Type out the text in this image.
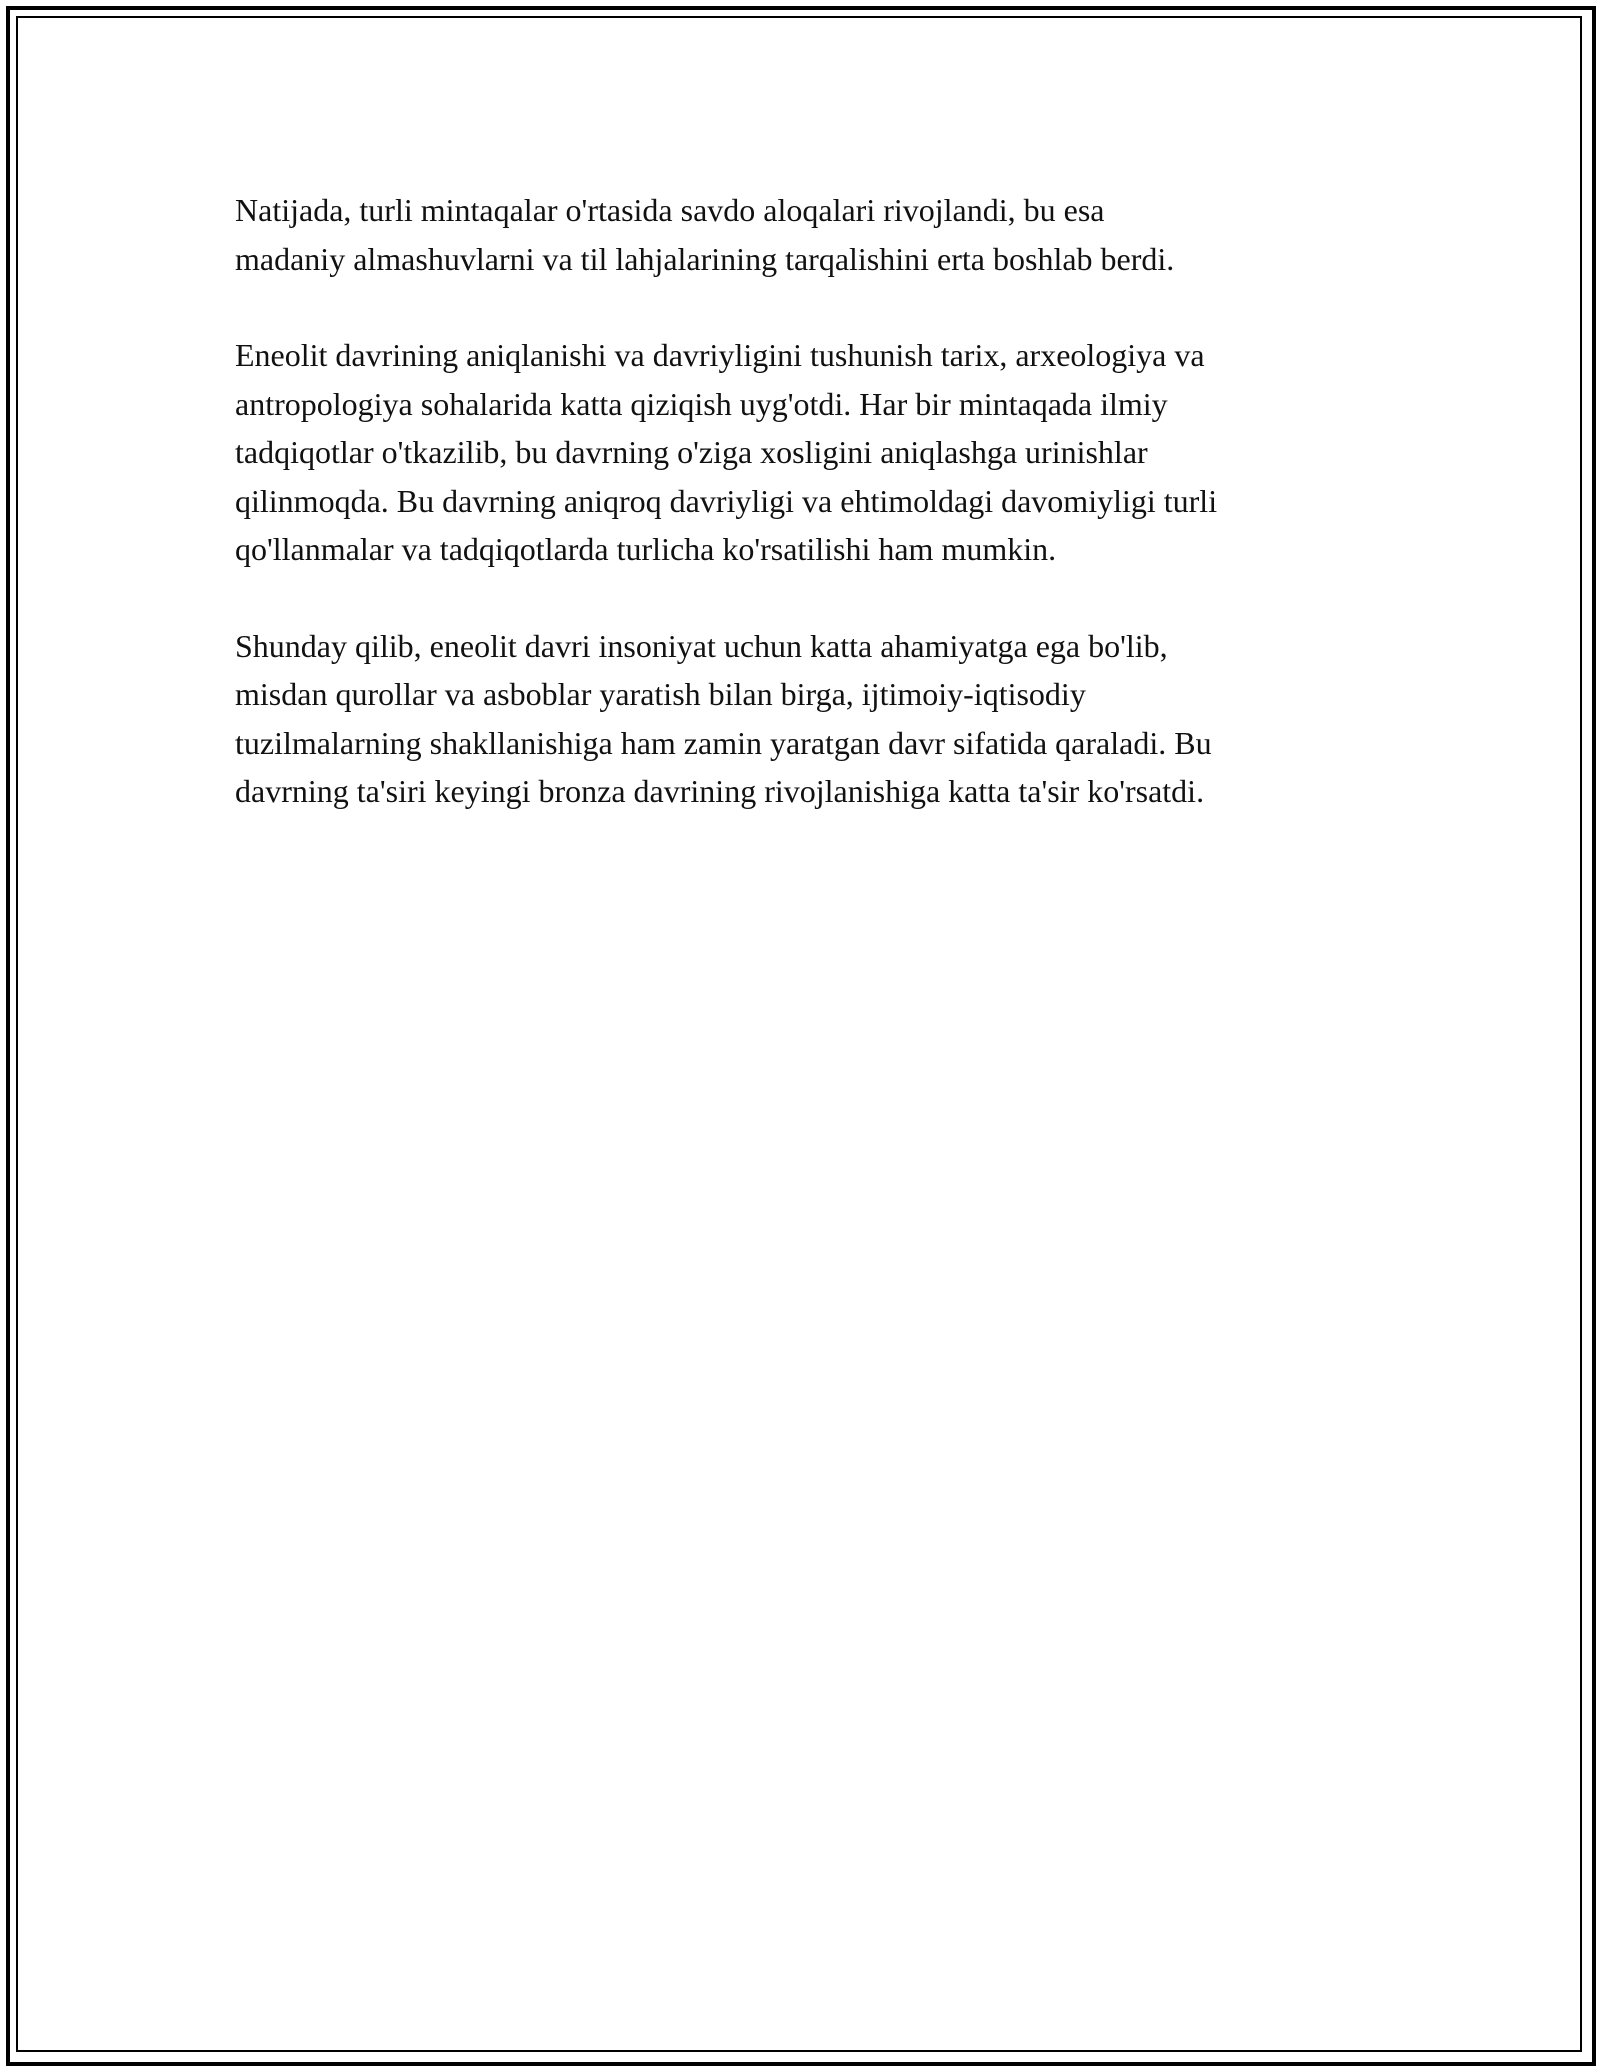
Natijada, turli mintaqalar o'rtasida savdo aloqalari rivojlandi, bu esa
madaniy almashuvlarni va til lahjalarining tarqalishini erta boshlab berdi.

Eneolit davrining aniqlanishi va davriyligini tushunish tarix, arxeologiya va
antropologiya sohalarida katta qiziqish uyg'otdi. Har bir mintaqada ilmiy
tadqiqotlar o'tkazilib, bu davrning o'ziga xosligini aniqlashga urinishlar
qilinmoqda. Bu davrning aniqroq davriyligi va ehtimoldagi davomiyligi turli
qo'llanmalar va tadqiqotlarda turlicha ko'rsatilishi ham mumkin.

Shunday qilib, eneolit davri insoniyat uchun katta ahamiyatga ega bo'lib,
misdan qurollar va asboblar yaratish bilan birga, ijtimoiy-iqtisodiy
tuzilmalarning shakllanishiga ham zamin yaratgan davr sifatida qaraladi. Bu
davrning ta'siri keyingi bronza davrining rivojlanishiga katta ta'sir ko'rsatdi.
